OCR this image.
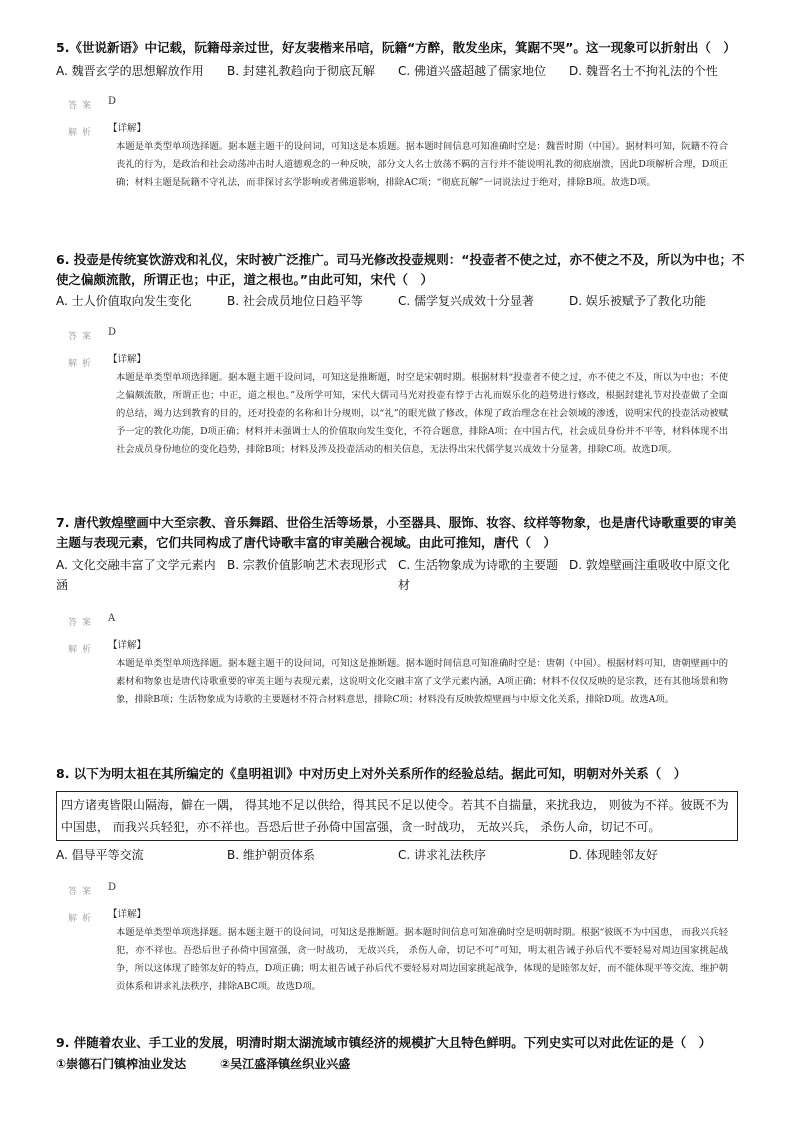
5.《世说新语》中记载，阮籍母亲过世，好友裴楷来吊唁，阮籍“方醉，散发坐床，箕踞不哭”。这一现象可以折射出（　）
A. 魏晋玄学的思想解放作用 B. 封建礼教趋向于彻底瓦解 C. 佛道兴盛超越了儒家地位 D. 魏晋名士不拘礼法的个性
答案 D
解析 【详解】
本题是单类型单项选择题。据本题主题干的设问词，可知这是本质题。据本题时间信息可知准确时空是：魏晋时期（中国）。据材料可知，阮籍不符合丧礼的行为，是政治和社会动荡冲击时人道德观念的一种反映，部分文人名士放荡不羁的言行并不能说明礼教的彻底崩溃，因此D项解析合理，D项正确；材料主题是阮籍不守礼法，而非探讨玄学影响或者佛道影响，排除AC项；“彻底瓦解”一词说法过于绝对，排除B项。故选D项。
6. 投壶是传统宴饮游戏和礼仪，宋时被广泛推广。司马光修改投壶规则：“投壶者不使之过，亦不使之不及，所以为中也；不使之偏颇流散，所谓正也；中正，道之根也。”由此可知，宋代（　）
A. 士人价值取向发生变化	B. 社会成员地位日趋平等	C. 儒学复兴成效十分显著	D. 娱乐被赋予了教化功能
答案 D
解析 【详解】
本题是单类型单项选择题。据本题主题干设问词，可知这是推断题，时空是宋朝时期。根据材料“投壶者不使之过，亦不使之不及，所以为中也；不使之偏颇流散，所谓正也；中正，道之根也。”及所学可知，宋代大儒司马光对投壶有悖于古礼而娱乐化的趋势进行修改，根据封建礼节对投壶做了全面的总结，竭力达到教育的目的，还对投壶的名称和计分规则，以“礼”的眼光做了修改，体现了政治理念在社会领域的渗透，说明宋代的投壶活动被赋予一定的教化功能，D项正确；材料并未强调士人的价值取向发生变化，不符合题意，排除A项；在中国古代，社会成员身份并不平等，材料体现不出社会成员身份地位的变化趋势，排除B项；材料及涉及投壶活动的相关信息，无法得出宋代儒学复兴成效十分显著，排除C项。故选D项。
7. 唐代敦煌壁画中大至宗教、音乐舞蹈、世俗生活等场景，小至器具、服饰、妆容、纹样等物象，也是唐代诗歌重要的审美主题与表现元素，它们共同构成了唐代诗歌丰富的审美融合视域。由此可推知，唐代（　）
A. 文化交融丰富了文学元素内涵
B. 宗教价值影响艺术表现形式 C. 生活物象成为诗歌的主要题材
D. 敦煌壁画注重吸收中原文化
答案 A
解析 【详解】
本题是单类型单项选择题。据本题主题干的设问词，可知这是推断题。据本题时间信息可知准确时空是：唐朝（中国）。根据材料可知，唐朝壁画中的素材和物象也是唐代诗歌重要的审美主题与表现元素，这说明文化交融丰富了文学元素内涵，A项正确；材料不仅仅反映的是宗教，还有其他场景和物象，排除B项；生活物象成为诗歌的主要题材不符合材料意思，排除C项；材料没有反映敦煌壁画与中原文化关系，排除D项。故选A项。
8. 以下为明太祖在其所编定的《皇明祖训》中对历史上对外关系所作的经验总结。据此可知，明朝对外关系（　）
四方诸夷皆限山隔海，僻在一隅， 得其地不足以供给，得其民不足以使令。若其不自揣量，来扰我边， 则彼为不祥。彼既不为中国患， 而我兴兵轻犯，亦不祥也。吾恐后世子孙倚中国富强，贪一时战功， 无故兴兵， 杀伤人命，切记不可。
A. 倡导平等交流	B. 维护朝贡体系	C. 讲求礼法秩序	D. 体现睦邻友好
答案 D
解析 【详解】
本题是单类型单项选择题。据本题主题干的设问词，可知这是推断题。据本题时间信息可知准确时空是明朝时期。根据“彼既不为中国患， 而我兴兵轻犯，亦不祥也。吾恐后世子孙倚中国富强，贪一时战功， 无故兴兵， 杀伤人命，切记不可”可知，明太祖告诫子孙后代不要轻易对周边国家挑起战争，所以这体现了睦邻友好的特点，D项正确；明太祖告诫子孙后代不要轻易对周边国家挑起战争，体现的是睦邻友好，而不能体现平等交流、维护朝贡体系和讲求礼法秩序，排除ABC项。故选D项。
9. 伴随着农业、手工业的发展，明清时期太湖流域市镇经济的规模扩大且特色鲜明。下列史实可以对此佐证的是（　）
①崇德石门镇榨油业发达	②吴江盛泽镇丝织业兴盛
